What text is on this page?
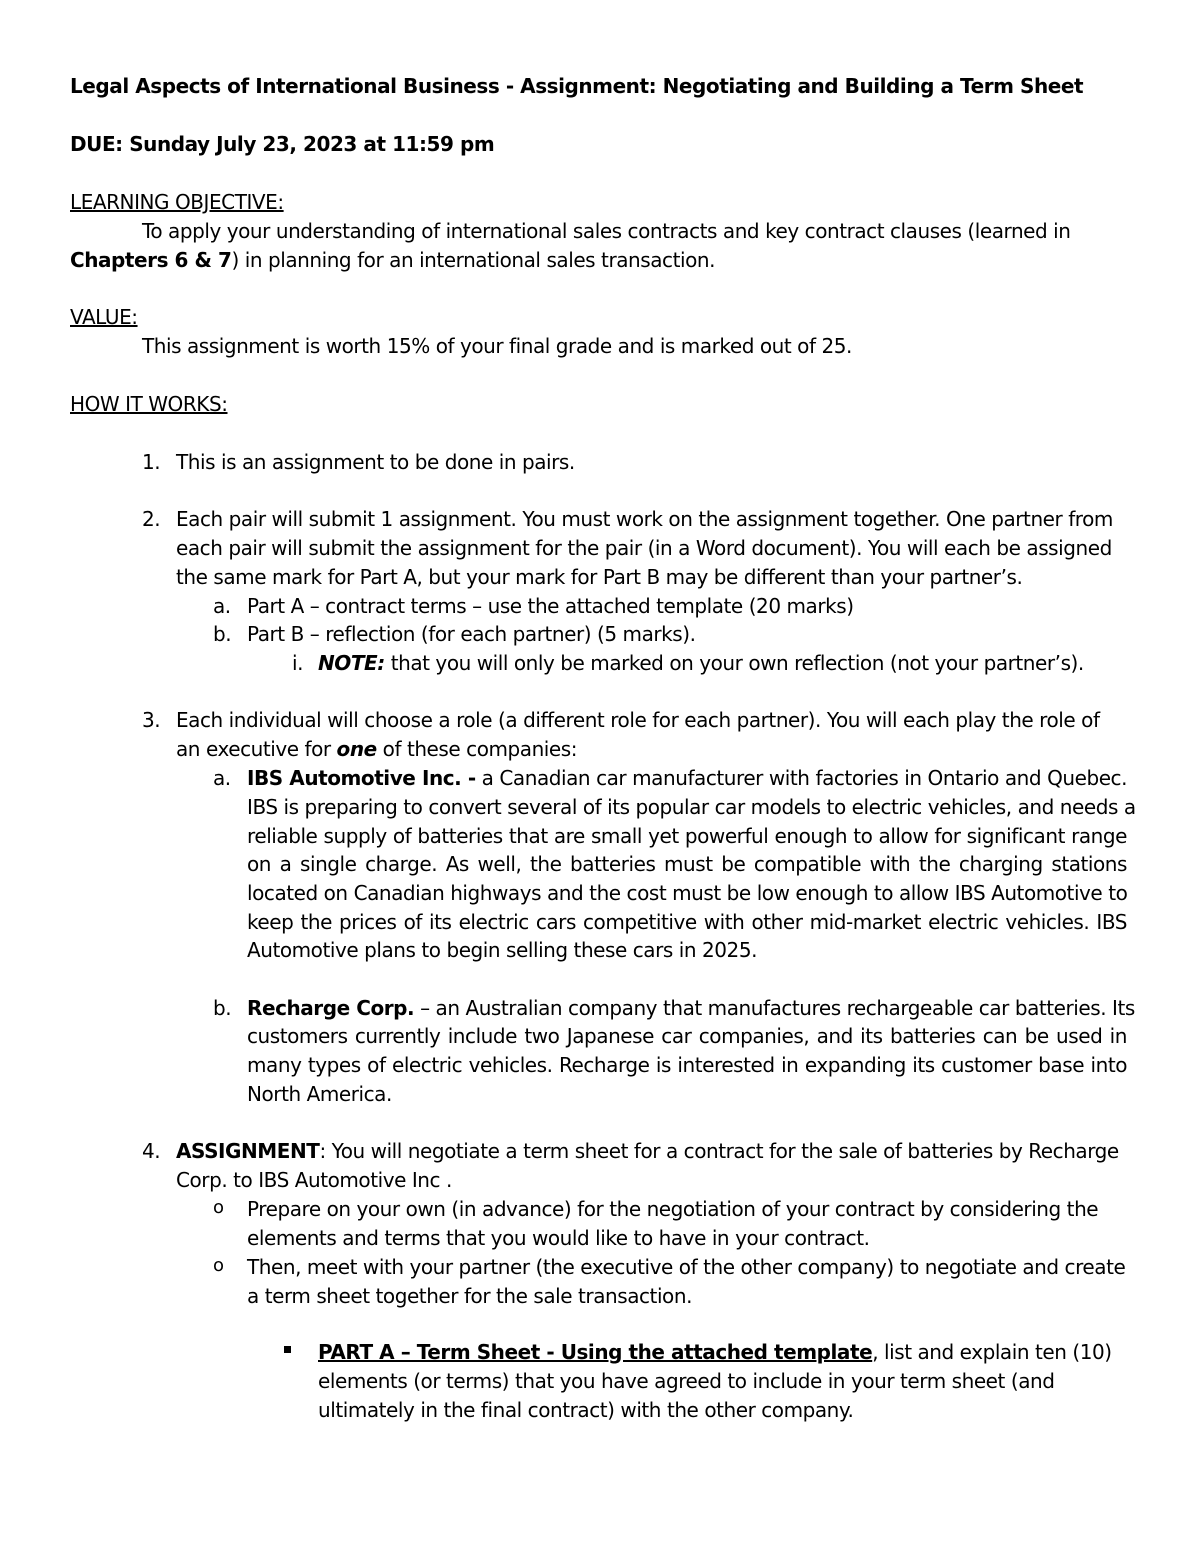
Legal Aspects of International Business - Assignment: Negotiating and Building a Term Sheet
DUE: Sunday July 23, 2023 at 11:59 pm
LEARNING OBJECTIVE:
To apply your understanding of international sales contracts and key contract clauses (learned in
Chapters 6 & 7) in planning for an international sales transaction.
VALUE:
This assignment is worth 15% of your final grade and is marked out of 25.
HOW IT WORKS:
1. This is an assignment to be done in pairs.
2. Each pair will submit 1 assignment. You must work on the assignment together. One partner from
each pair will submit the assignment for the pair (in a Word document). You will each be assigned
the same mark for Part A, but your mark for Part B may be different than your partner’s.
a. Part A – contract terms – use the attached template (20 marks)
b. Part B – reflection (for each partner) (5 marks).
i. NOTE: that you will only be marked on your own reflection (not your partner’s).
3. Each individual will choose a role (a different role for each partner). You will each play the role of
an executive for one of these companies:
a. IBS Automotive Inc. - a Canadian car manufacturer with factories in Ontario and Quebec.
IBS is preparing to convert several of its popular car models to electric vehicles, and needs a
reliable supply of batteries that are small yet powerful enough to allow for significant range
on a single charge. As well, the batteries must be compatible with the charging stations
located on Canadian highways and the cost must be low enough to allow IBS Automotive to
keep the prices of its electric cars competitive with other mid-market electric vehicles. IBS
Automotive plans to begin selling these cars in 2025.
b. Recharge Corp. – an Australian company that manufactures rechargeable car batteries. Its
customers currently include two Japanese car companies, and its batteries can be used in
many types of electric vehicles. Recharge is interested in expanding its customer base into
North America.
4. ASSIGNMENT: You will negotiate a term sheet for a contract for the sale of batteries by Recharge
Corp. to IBS Automotive Inc .
o Prepare on your own (in advance) for the negotiation of your contract by considering the
elements and terms that you would like to have in your contract.
o Then, meet with your partner (the executive of the other company) to negotiate and create
a term sheet together for the sale transaction.
PART A – Term Sheet - Using the attached template, list and explain ten (10)
elements (or terms) that you have agreed to include in your term sheet (and
ultimately in the final contract) with the other company.
